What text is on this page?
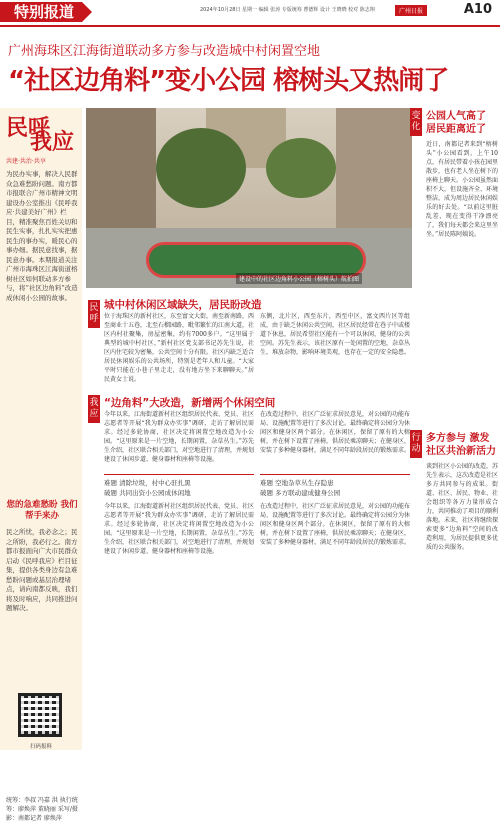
特别报道	2024年10月28日 星期一 编辑 张涛 专版统筹 曹德辉 设计 王晓晓 校对 陈志翔	广州日报	A10
广州海珠区江海街道联动多方参与改造城中村闲置空地
“社区边角料”变小公园 榕树头又热闹了
民呼
我应
共建·共治·共享
为民办实事，解决人民群众急难愁盼问题。南方都市报联合广州市精神文明建设办公室推出《民呼我应·共建美好广州》栏目，精准聚焦百姓关切和民生实事，扎扎实实把惠民生的事办实，暖民心的事办细。据民意找事，据民意办事。本期报道关注广州市海珠区江海街道榕树社区如何联动多方参与，将“社区边角料”改造成休闲小公园的故事。
您的急难愁盼 我们帮手来办
民之所忧，我必念之；民之所盼，我必行之。南方都市报面向广大市民群众启动《民呼我应》栏目征集，提供各类身边有急难愁盼问题或基层治理堵点，请向南都反映，我们将及时响应，共同推进问题解决。
扫码报料
统筹：李叔 冯嘉 洪 执行统筹：廖焕萍 董晓丽 采写/摄影：南都记者 廖焕萍
建设中的社区边角料小公园（榕树头）航拍图
民呼
我应
变化
行动
城中村休闲区域缺失，居民盼改造
位于海珠区的新村社区，东至富文大街，南至新南路，西至商业十五巷，北至石榴园路，毗邻繁忙的江南大道，社区内村社聚集，房屋密集，约有7000多户。“这里属于典型的城中村社区，”新村社区党支部书记苏先生说，社区内住宅较为密集，公共空间十分有限。社区内缺乏适合居民休闲娱乐的公共场所，特别是老年人和儿童。“大家平时只能在小巷子里走走，没有地方坐下来聊聊天。”居民黄女士说。
东侧，北片区，西至东片，西至中区，富文西片区等组成，由于缺乏休闲公共空间，社区居民经常在巷子中或楼道下休息，居民希望社区能有一个可以休闲、健身的公共空间。苏先生表示，该社区原有一处闲置的空地，杂草丛生，堆放杂物，影响环境美观，也存在一定的安全隐患。
“边角料”大改造，新增两个休闲空间
今年以来，江海街道新村社区组织居民代表、党员、社区志愿者等开展“我为群众办实事”调研，走访了解居民需求。经过多轮协商，社区决定将闲置空地改造为小公园。“这里原来是一片空地，长期闲置，杂草丛生。”苏先生介绍，社区联合相关部门，对空地进行了清理，并规划建设了休闲步道、健身器材和座椅等设施。
在改造过程中，社区广泛征求居民意见，对公园的功能布局、设施配置等进行了多次讨论。最终确定将公园分为休闲区和健身区两个部分。在休闲区，保留了原有的大榕树，并在树下设置了座椅，供居民乘凉聊天；在健身区，安装了多种健身器材，满足不同年龄段居民的锻炼需求。
难题 清除垃圾，村中心驻扎黑
破题 共同出资小公园成休闲地
难题 空地杂草丛生存隐患
破题 多方联动建成健身公园
今年以来，江海街道新村社区组织居民代表、党员、社区志愿者等开展“我为群众办实事”调研，走访了解居民需求。经过多轮协商，社区决定将闲置空地改造为小公园。“这里原来是一片空地，长期闲置，杂草丛生。”苏先生介绍，社区联合相关部门，对空地进行了清理，并规划建设了休闲步道、健身器材和座椅等设施。
在改造过程中，社区广泛征求居民意见，对公园的功能布局、设施配置等进行了多次讨论。最终确定将公园分为休闲区和健身区两个部分。在休闲区，保留了原有的大榕树，并在树下设置了座椅，供居民乘凉聊天；在健身区，安装了多种健身器材，满足不同年龄段居民的锻炼需求。
公园人气高了 居民距离近了
近日，南都记者来到“榕树头”小公园看到，上午10点，有居民带着小孩在园里散步，也有老人坐在树下的座椅上聊天。小公园虽然面积不大，但设施齐全、环境整洁，成为周边居民休闲娱乐的好去处。“以前这里脏乱差，现在变得干净漂亮了，我们每天都会来这里坐坐。”居民陈阿姨说。
多方参与 激发社区共治新活力
谈到社区小公园的改造，苏先生表示，这次改造是社区多方共同参与的成果。街道、社区、居民、物业、社会组织等各方力量形成合力，共同推动了项目的顺利落地。未来，社区将继续探索更多“边角料”空间的改造利用，为居民提供更多优质的公共服务。
